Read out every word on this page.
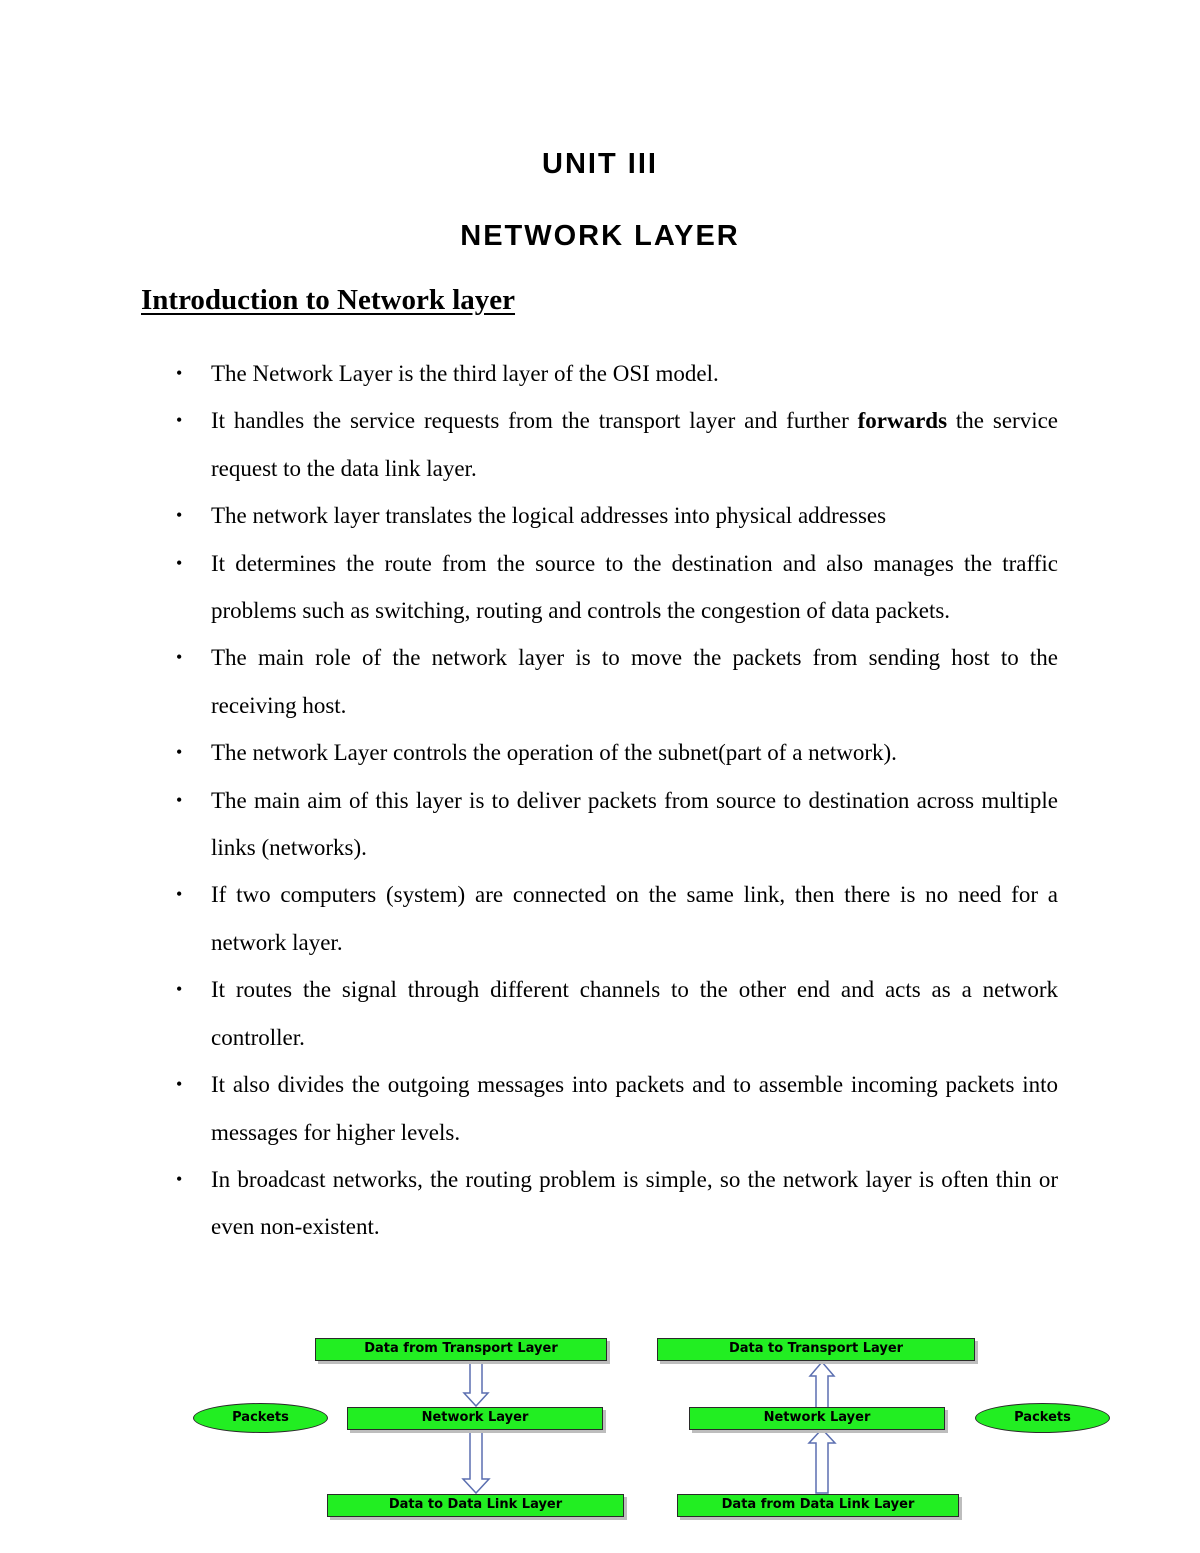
UNIT III
NETWORK LAYER
Introduction to Network layer
• The Network Layer is the third layer of the OSI model.
• It handles the service requests from the transport layer and further forwards the service request to the data link layer.
• The network layer translates the logical addresses into physical addresses
• It determines the route from the source to the destination and also manages the traffic problems such as switching, routing and controls the congestion of data packets.
• The main role of the network layer is to move the packets from sending host to the receiving host.
• The network Layer controls the operation of the subnet(part of a network).
• The main aim of this layer is to deliver packets from source to destination across multiple links (networks).
• If two computers (system) are connected on the same link, then there is no need for a network layer.
• It routes the signal through different channels to the other end and acts as a network controller.
• It also divides the outgoing messages into packets and to assemble incoming packets into messages for higher levels.
• In broadcast networks, the routing problem is simple, so the network layer is often thin or even non-existent.
Data from Transport Layer
Network Layer
Data to Data Link Layer
Packets
Data to Transport Layer
Network Layer
Data from Data Link Layer
Packets
